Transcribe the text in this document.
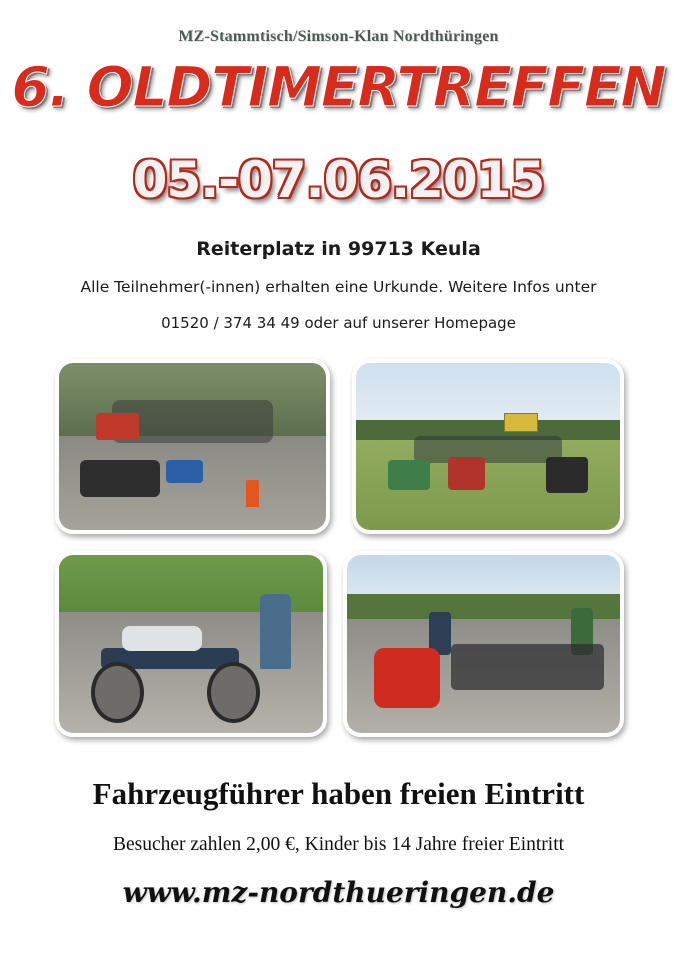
MZ-Stammtisch/Simson-Klan Nordthüringen
6. OLDTIMERTREFFEN
05.-07.06.2015
Reiterplatz in 99713 Keula
Alle Teilnehmer(-innen) erhalten eine Urkunde. Weitere Infos unter
01520 / 374 34 49 oder auf unserer Homepage
Fahrzeugführer haben freien Eintritt
Besucher zahlen 2,00 €, Kinder bis 14 Jahre freier Eintritt
www.mz-nordthueringen.de
